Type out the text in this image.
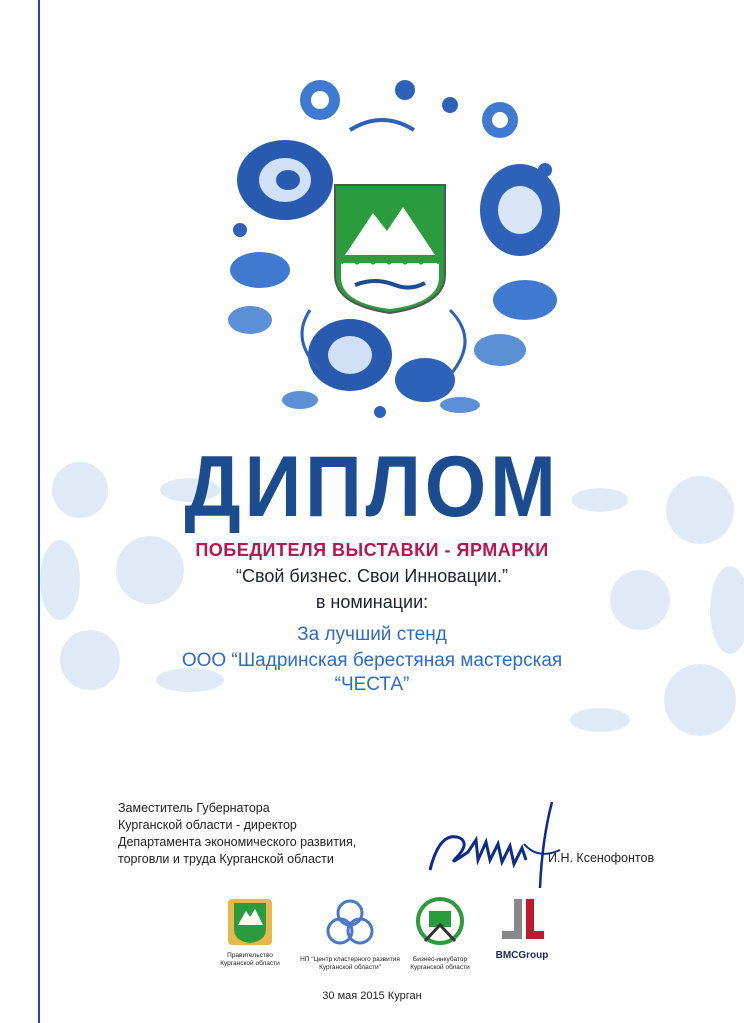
ДИПЛОМ
ПОБЕДИТЕЛЯ ВЫСТАВКИ - ЯРМАРКИ
“Свой бизнес. Свои Инновации.”
в номинации:
За лучший стенд
ООО “Шадринская берестяная мастерская
“ЧЕСТА”
Заместитель Губернатора
Курганской области - директор
Департамента экономического развития,
торговли и труда Курганской области	И.Н. Ксенофонтов
Правительство
Курганской области
НП "Центр кластерного развития
Курганской области"
Бизнес-инкубатор
Курганской области
BMCGroup
30 мая 2015 Курган
